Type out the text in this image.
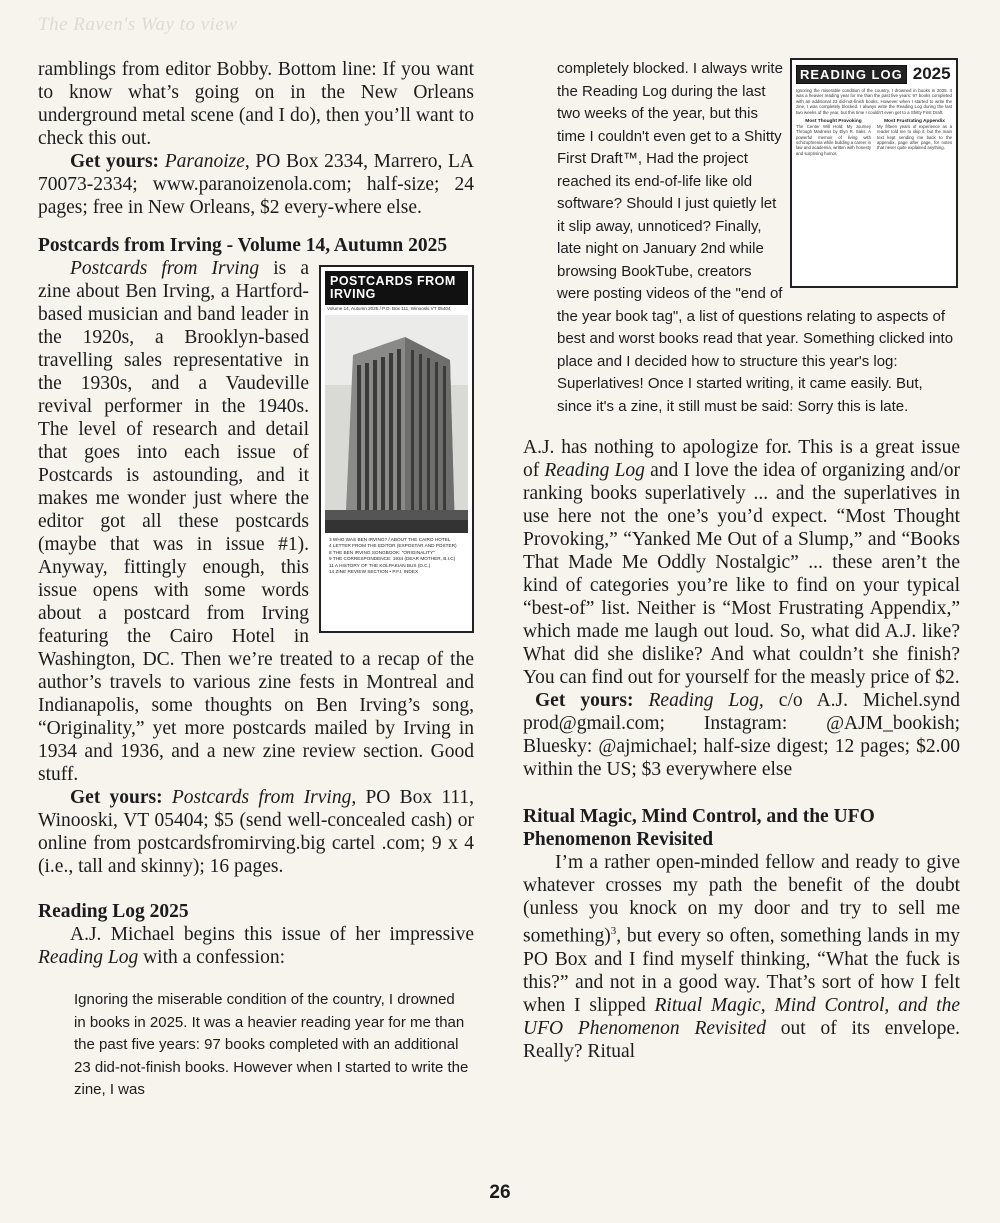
The Raven's Way to view

ramblings from editor Bobby. Bottom line: If you want to know what’s going on in the New Orleans underground metal scene (and I do), then you’ll want to check this out.

Get yours: Paranoize, PO Box 2334, Marrero, LA 70073-2334; www.paranoizenola.com; half-size; 24 pages; free in New Orleans, $2 every-where else.

Postcards from Irving - Volume 14, Autumn 2025

POSTCARDS FROM IRVING
Volume 14, Autumn 2025 / P.O. Box 111, Winooski VT 05404
3 WHO WAS BEN IRVING? / ABOUT THE CAIRO HOTEL
4 LETTER FROM THE EDITOR (EXPOSTAR AND POSTER)
8 THE BEN IRVING SONGBOOK: "ORIGINALITY"
9 THE CORRESPONDENCE: 1934 (DEAR MOTHER, B.I.C)
11 A HISTORY OF THE KOLPAKIAN BUS (D.C.)
14 ZINE REVIEW SECTION • P.F.I. INDEX

Postcards from Irving is a zine about Ben Irving, a Hartford-based musician and band leader in the 1920s, a Brooklyn-based travelling sales representative in the 1930s, and a Vaudeville revival performer in the 1940s. The level of research and detail that goes into each issue of Postcards is astounding, and it makes me wonder just where the editor got all these postcards (maybe that was in issue #1). Anyway, fittingly enough, this issue opens with some words about a postcard from Irving featuring the Cairo Hotel in Washington, DC. Then we’re treated to a recap of the author’s travels to various zine fests in Montreal and Indianapolis, some thoughts on Ben Irving’s song, “Originality,” yet more postcards mailed by Irving in 1934 and 1936, and a new zine review section. Good stuff.

Get yours: Postcards from Irving, PO Box 111, Winooski, VT 05404; $5 (send well-concealed cash) or online from postcardsfromirving.big cartel .com; 9 x 4 (i.e., tall and skinny); 16 pages.

Reading Log 2025

A.J. Michael begins this issue of her impressive Reading Log with a confession:

Ignoring the miserable condition of the country, I drowned in books in 2025. It was a heavier reading year for me than the past five years: 97 books completed with an additional 23 did-not-finish books. However when I started to write the zine, I was

READING LOG 2025
Ignoring the miserable condition of the country, I drowned in books in 2025. It was a heavier reading year for me than the past five years: 97 books completed with an additional 23 did-not-finish books. However when I started to write the zine, I was completely blocked. I always write the Reading Log during the last two weeks of the year, but this time I couldn't even get to a Shitty First Draft.
Most Thought Provoking
The Center Will Hold: My Journey Through Madness by Elyn R. Saks. A powerful memoir of living with schizophrenia while building a career in law and academia, written with honesty and surprising humor.
Most Frustrating Appendix
My fifteen years of experience as a reader told me to skip it, but the main text kept sending me back to the appendix, page after page, for notes that never quite explained anything.

completely blocked. I always write the Reading Log during the last two weeks of the year, but this time I couldn't even get to a Shitty First Draft™, Had the project reached its end-of-life like old software? Should I just quietly let it slip away, unnoticed? Finally, late night on January 2nd while browsing BookTube, creators were posting videos of the "end of the year book tag", a list of questions relating to aspects of best and worst books read that year. Something clicked into place and I decided how to structure this year's log: Superlatives! Once I started writing, it came easily. But, since it's a zine, it still must be said: Sorry this is late.

A.J. has nothing to apologize for. This is a great issue of Reading Log and I love the idea of organizing and/or ranking books superlatively ... and the superlatives in use here not the one’s you’d expect. “Most Thought Provoking,” “Yanked Me Out of a Slump,” and “Books That Made Me Oddly Nostalgic” ... these aren’t the kind of categories you’re like to find on your typical “best-of” list. Neither is “Most Frustrating Appendix,” which made me laugh out loud. So, what did A.J. like? What did she dislike? And what couldn’t she finish? You can find out for yourself for the measly price of $2.

Get yours: Reading Log, c/o A.J. Michel.synd prod@gmail.com; Instagram: @AJM_bookish; Bluesky: @ajmichael; half-size digest; 12 pages; $2.00 within the US; $3 everywhere else

Ritual Magic, Mind Control, and the UFO Phenomenon Revisited

I’m a rather open-minded fellow and ready to give whatever crosses my path the benefit of the doubt (unless you knock on my door and try to sell me something)$^3$, but every so often, something lands in my PO Box and I find myself thinking, “What the fuck is this?” and not in a good way. That’s sort of how I felt when I slipped Ritual Magic, Mind Control, and the UFO Phenomenon Revisited out of its envelope. Really? Ritual

26
